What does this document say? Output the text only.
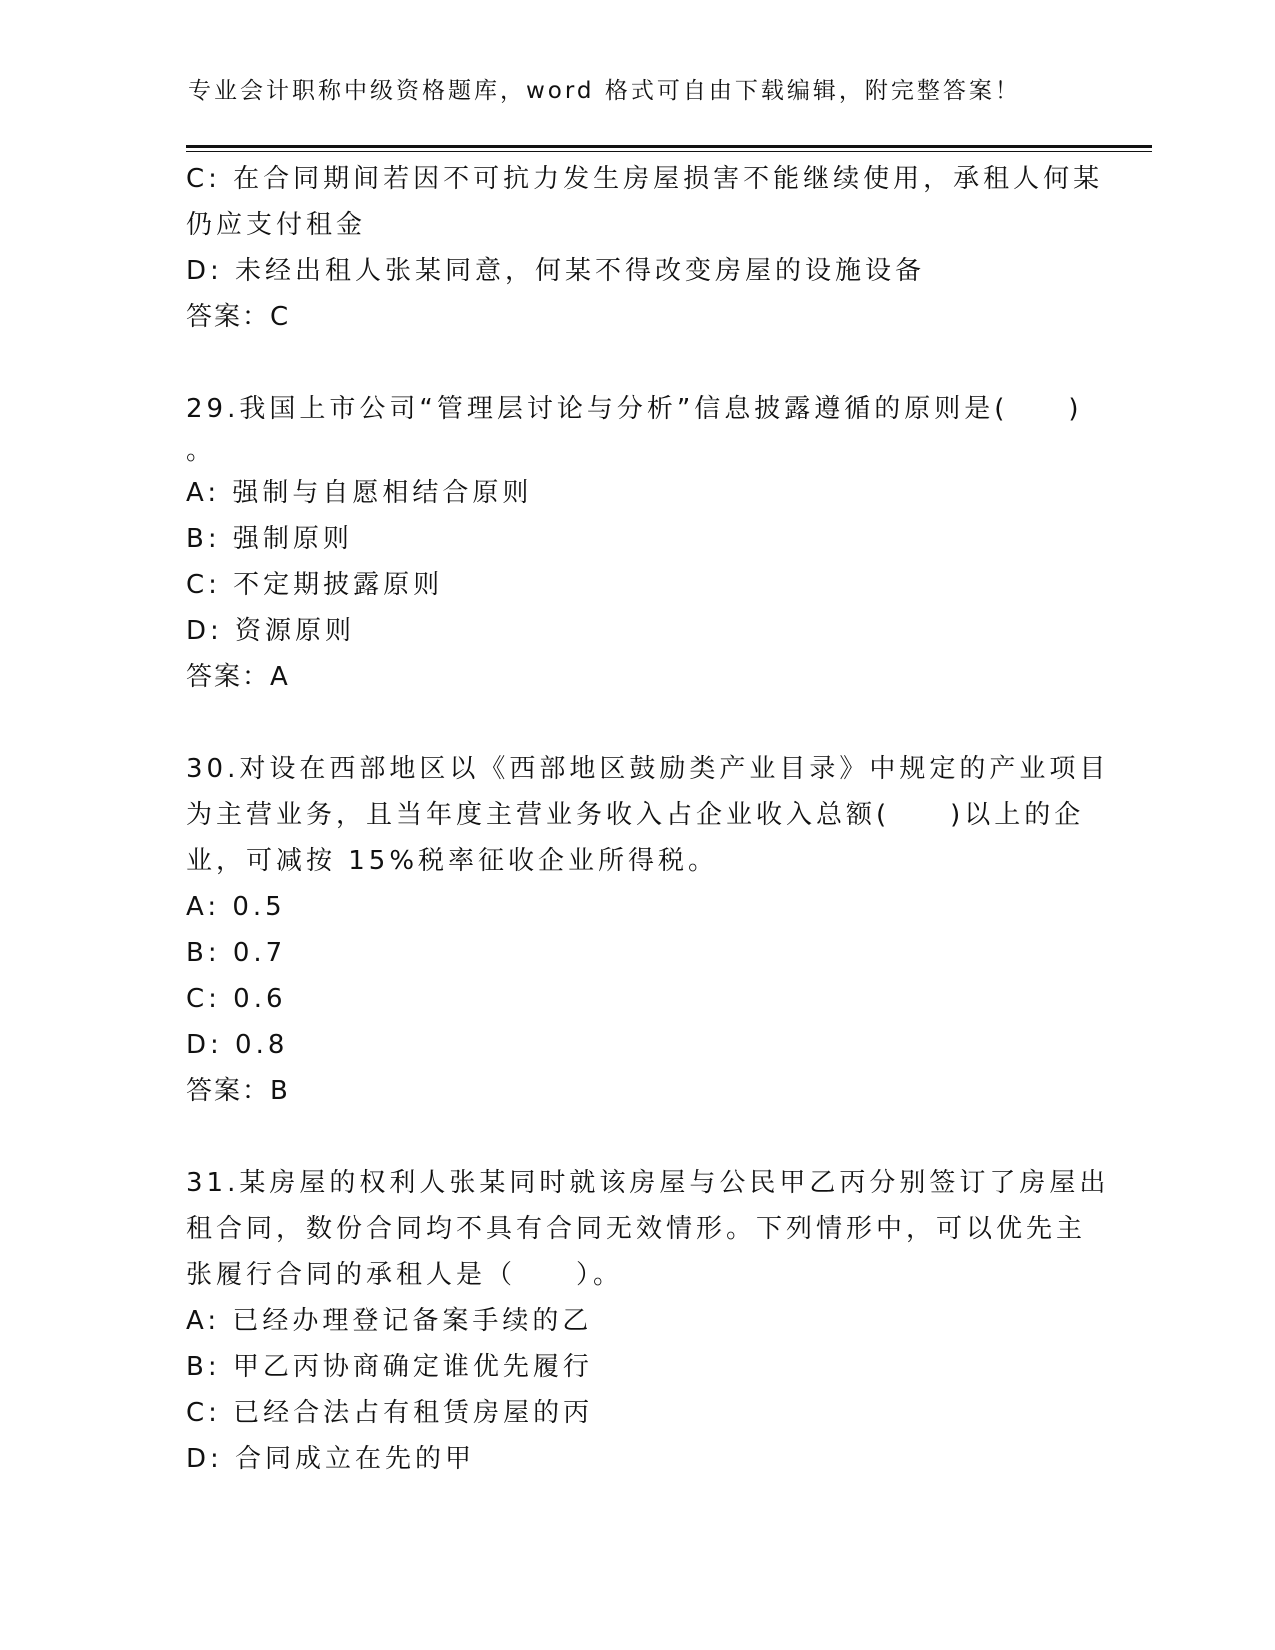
专业会计职称中级资格题库，word 格式可自由下载编辑，附完整答案！

C: 在合同期间若因不可抗力发生房屋损害不能继续使用，承租人何某

仍应支付租金

D: 未经出租人张某同意，何某不得改变房屋的设施设备

答案：C

29.我国上市公司“管理层讨论与分析”信息披露遵循的原则是(　　)

。

A: 强制与自愿相结合原则

B: 强制原则

C: 不定期披露原则

D: 资源原则

答案：A

30.对设在西部地区以《西部地区鼓励类产业目录》中规定的产业项目

为主营业务，且当年度主营业务收入占企业收入总额(　　)以上的企

业，可减按 15%税率征收企业所得税。

A: 0.5

B: 0.7

C: 0.6

D: 0.8

答案：B

31.某房屋的权利人张某同时就该房屋与公民甲乙丙分别签订了房屋出

租合同，数份合同均不具有合同无效情形。下列情形中，可以优先主

张履行合同的承租人是（　　）。

A: 已经办理登记备案手续的乙

B: 甲乙丙协商确定谁优先履行

C: 已经合法占有租赁房屋的丙

D: 合同成立在先的甲
